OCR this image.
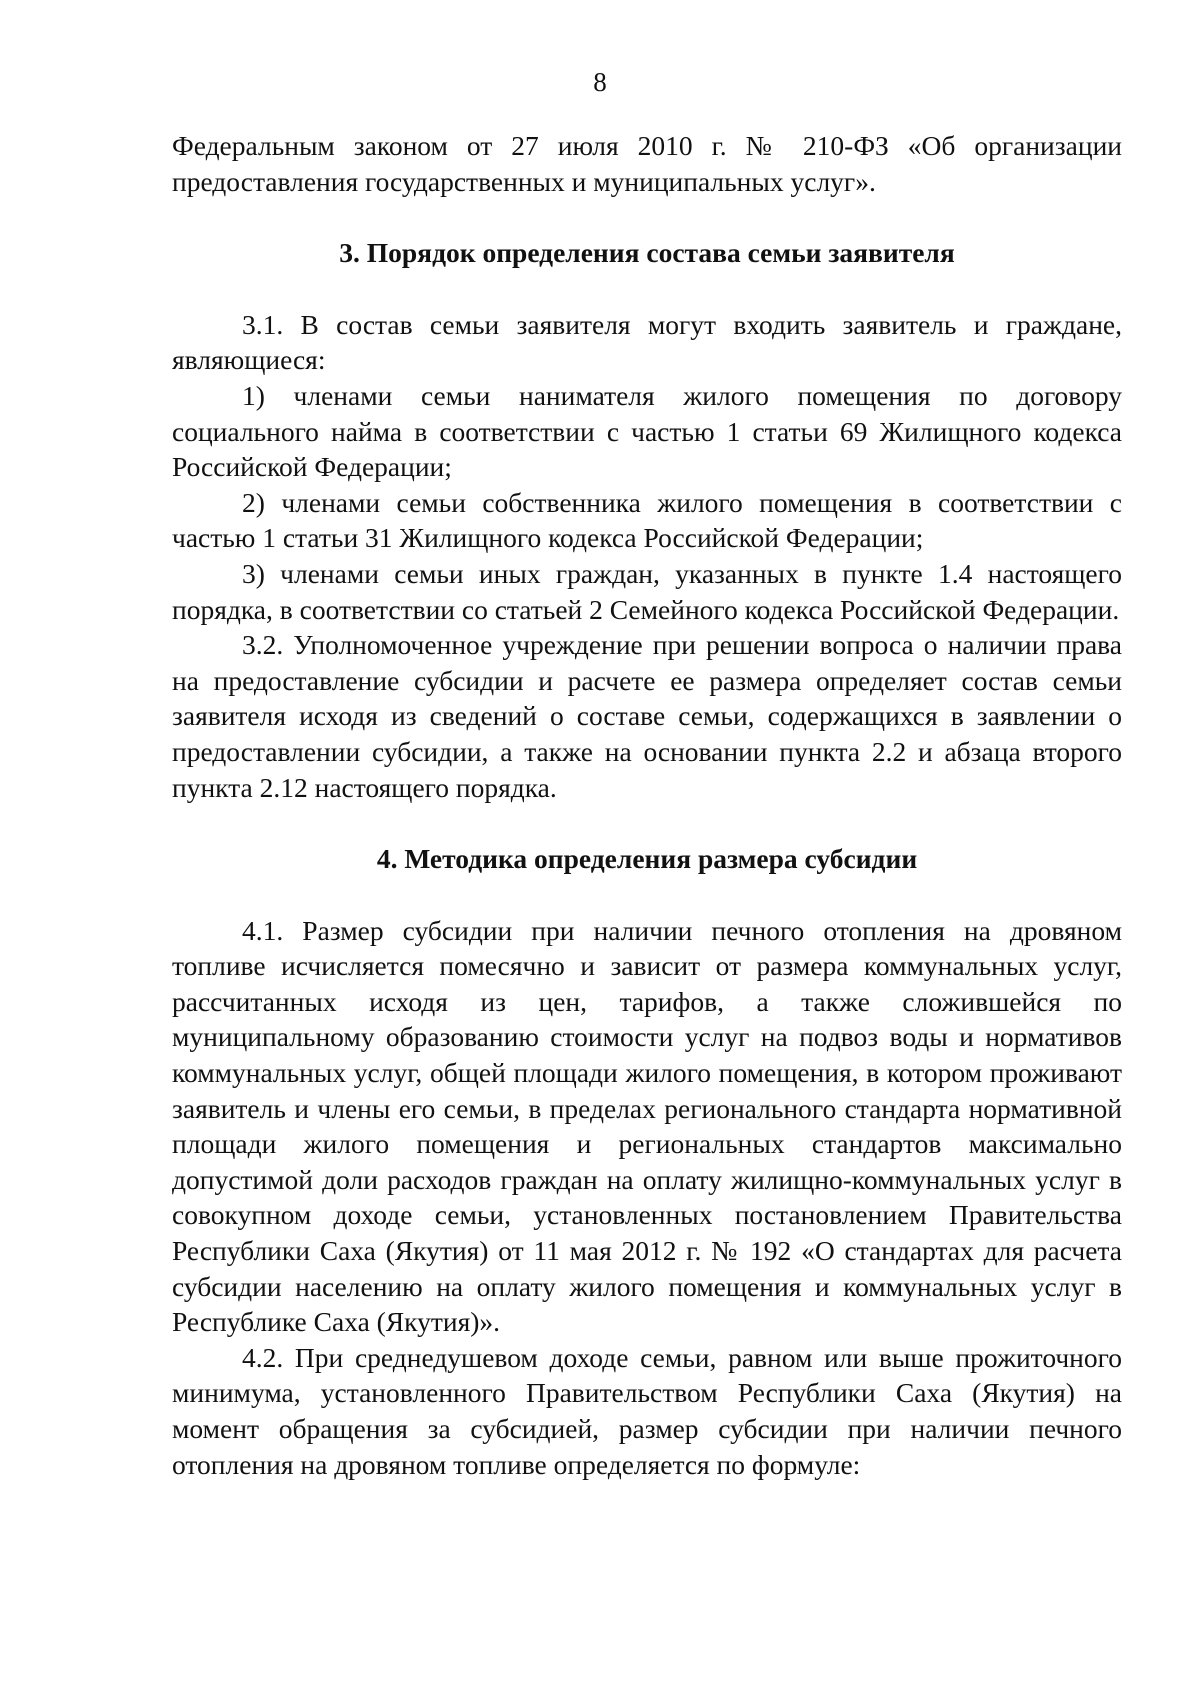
8

Федеральным законом от 27 июля 2010 г. № 210-ФЗ «Об организации предоставления государственных и муниципальных услуг».

3. Порядок определения состава семьи заявителя

3.1. В состав семьи заявителя могут входить заявитель и граждане, являющиеся:

1) членами семьи нанимателя жилого помещения по договору социального найма в соответствии с частью 1 статьи 69 Жилищного кодекса Российской Федерации;

2) членами семьи собственника жилого помещения в соответствии с частью 1 статьи 31 Жилищного кодекса Российской Федерации;

3) членами семьи иных граждан, указанных в пункте 1.4 настоящего порядка, в соответствии со статьей 2 Семейного кодекса Российской Федерации.

3.2. Уполномоченное учреждение при решении вопроса о наличии права на предоставление субсидии и расчете ее размера определяет состав семьи заявителя исходя из сведений о составе семьи, содержащихся в заявлении о предоставлении субсидии, а также на основании пункта 2.2 и абзаца второго пункта 2.12 настоящего порядка.

4. Методика определения размера субсидии

4.1. Размер субсидии при наличии печного отопления на дровяном топливе исчисляется помесячно и зависит от размера коммунальных услуг, рассчитанных исходя из цен, тарифов, а также сложившейся по муниципальному образованию стоимости услуг на подвоз воды и нормативов коммунальных услуг, общей площади жилого помещения, в котором проживают заявитель и члены его семьи, в пределах регионального стандарта нормативной площади жилого помещения и региональных стандартов максимально допустимой доли расходов граждан на оплату жилищно-коммунальных услуг в совокупном доходе семьи, установленных постановлением Правительства Республики Саха (Якутия) от 11 мая 2012 г. № 192 «О стандартах для расчета субсидии населению на оплату жилого помещения и коммунальных услуг в Республике Саха (Якутия)».

4.2. При среднедушевом доходе семьи, равном или выше прожиточного минимума, установленного Правительством Республики Саха (Якутия) на момент обращения за субсидией, размер субсидии при наличии печного отопления на дровяном топливе определяется по формуле:
